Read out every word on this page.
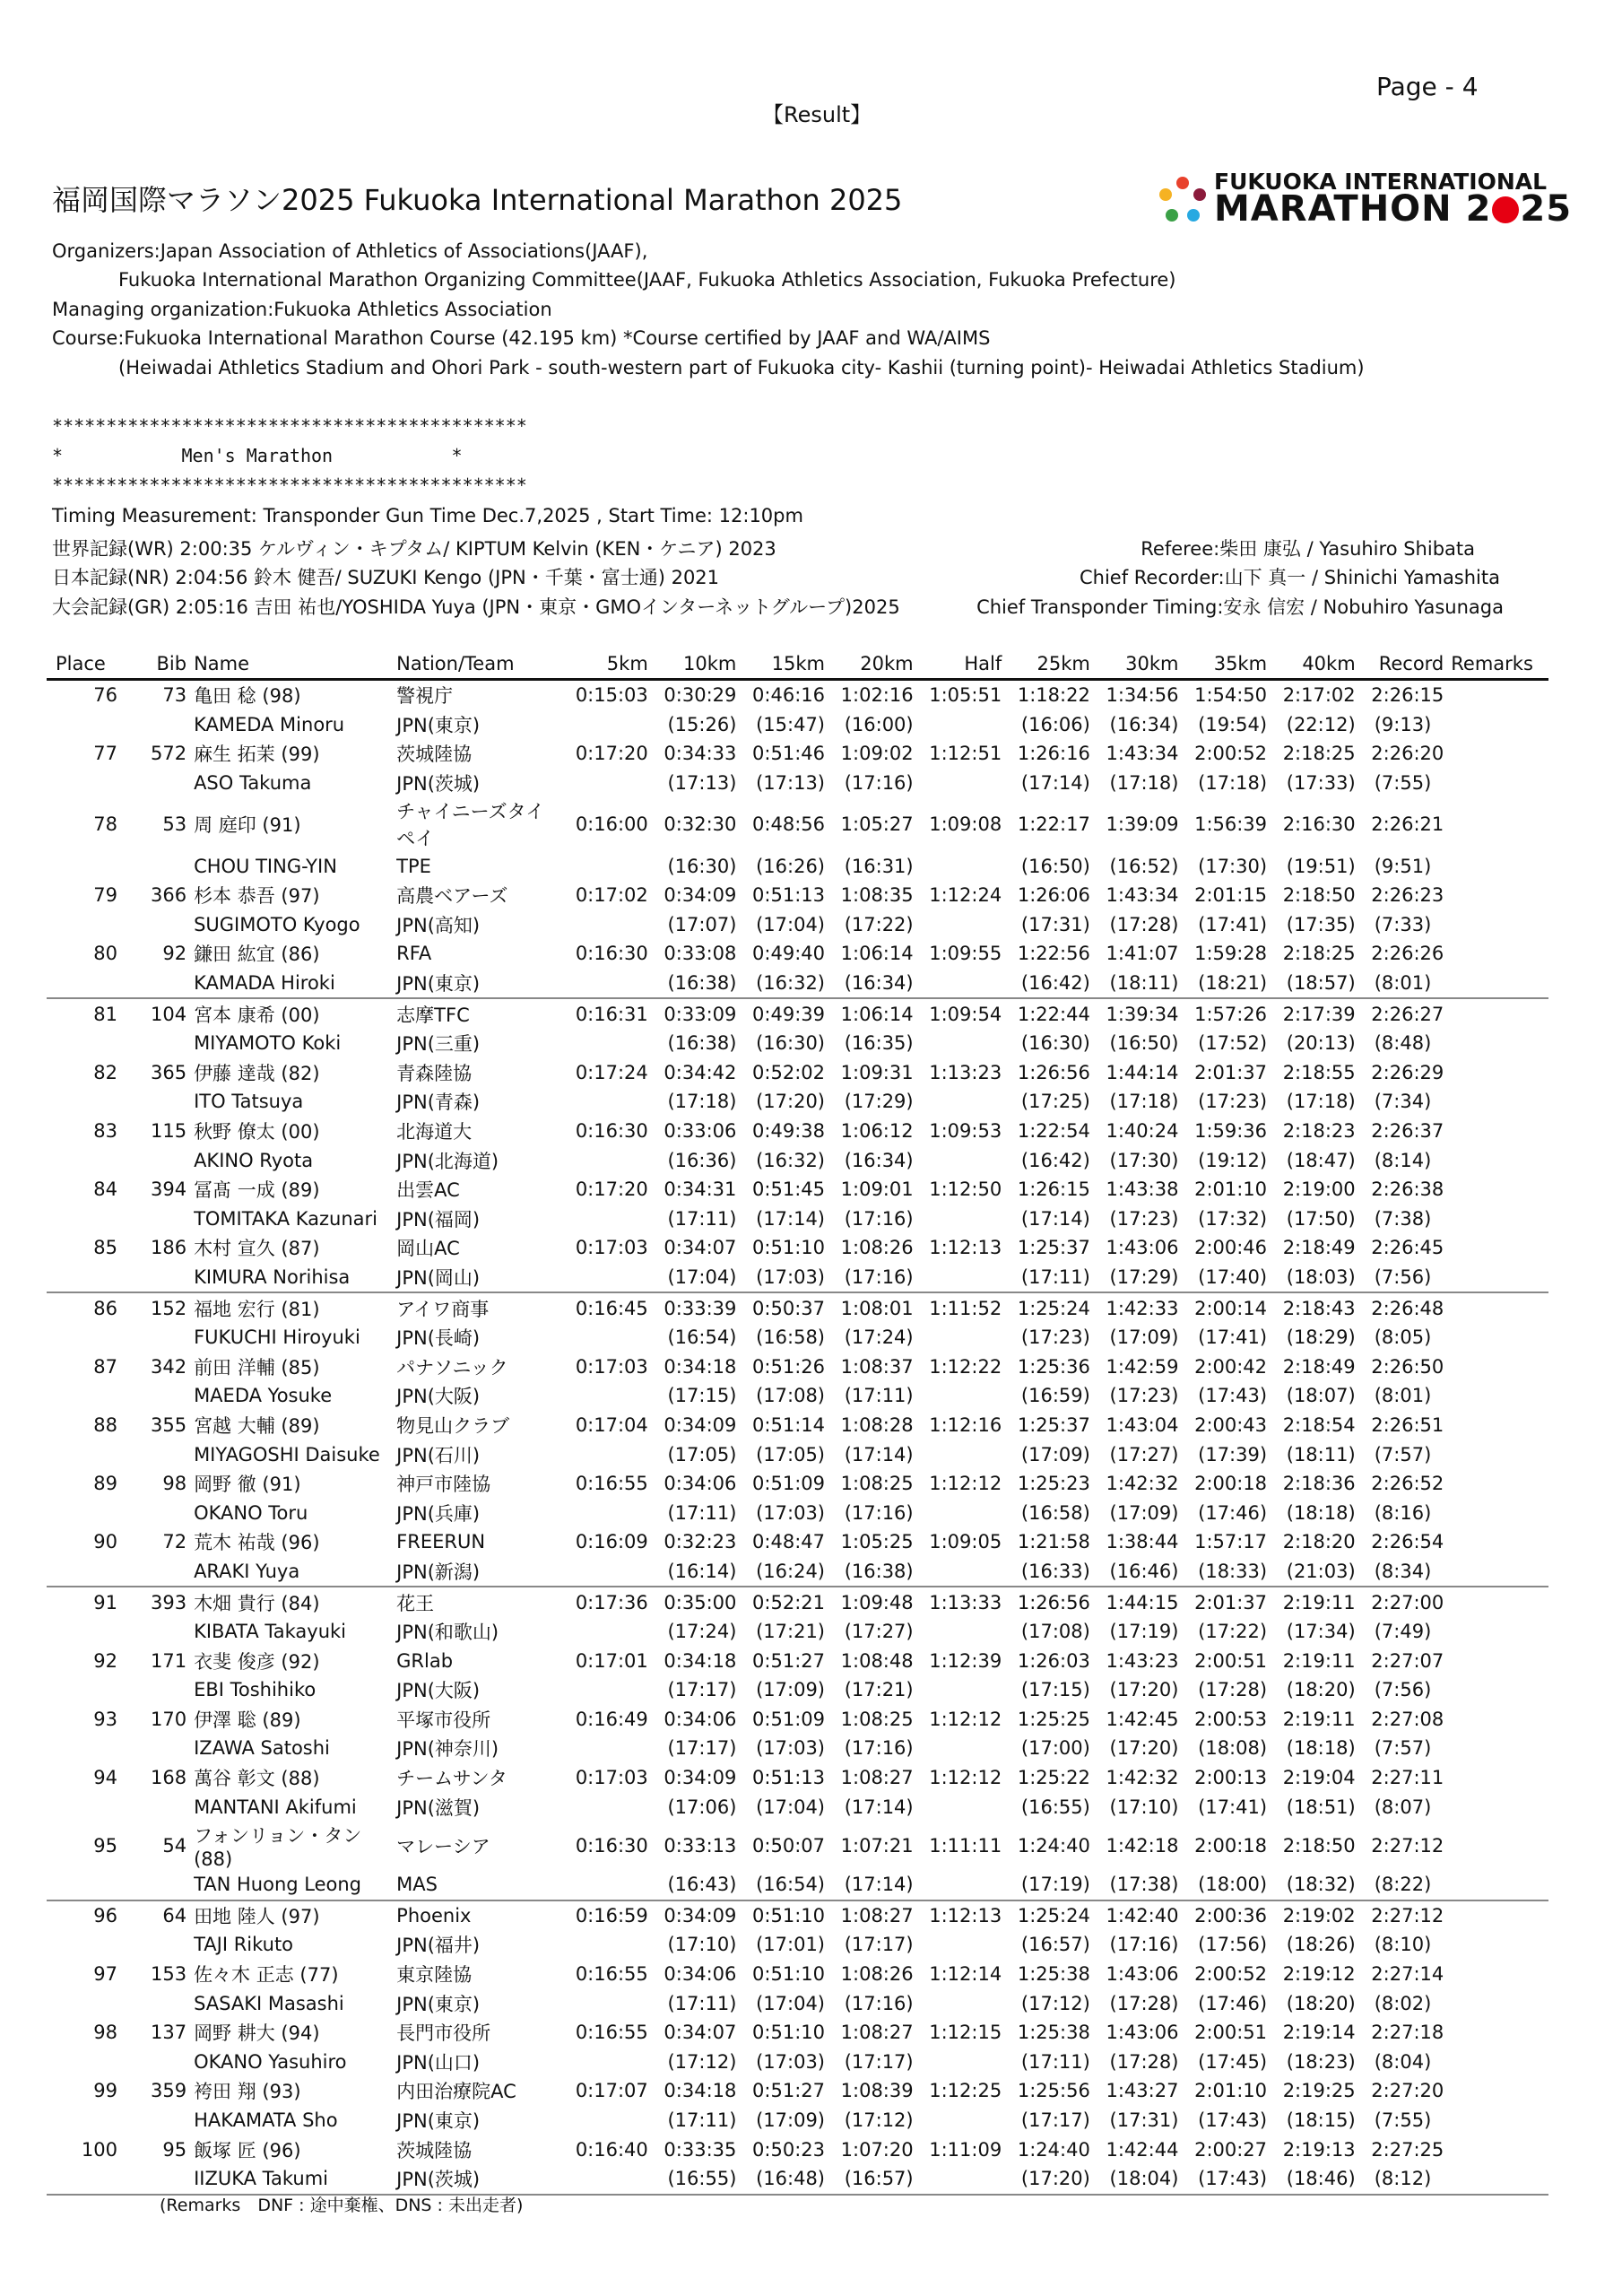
Page - 4
【Result】
福岡国際マラソン2025 Fukuoka International Marathon 2025
FUKUOKA INTERNATIONAL
MARATHON 2 25
Organizers:Japan Association of Athletics of Associations(JAAF),
Fukuoka International Marathon Organizing Committee(JAAF, Fukuoka Athletics Association, Fukuoka Prefecture)
Managing organization:Fukuoka Athletics Association
Course:Fukuoka International Marathon Course (42.195 km) *Course certified by JAAF and WA/AIMS
(Heiwadai Athletics Stadium and Ohori Park - south-western part of Fukuoka city- Kashii (turning point)- Heiwadai Athletics Stadium)
********************************************
*           Men's Marathon           *
********************************************
Timing Measurement: Transponder Gun Time Dec.7,2025 , Start Time: 12:10pm
世界記録(WR) 2:00:35 ケルヴィン・キプタム/ KIPTUM Kelvin (KEN・ケニア) 2023
日本記録(NR) 2:04:56 鈴木 健吾/ SUZUKI Kengo (JPN・千葉・富士通) 2021
大会記録(GR) 2:05:16 吉田 祐也/YOSHIDA Yuya (JPN・東京・GMOインターネットグループ)2025
Referee:柴田 康弘 / Yasuhiro Shibata
Chief Recorder:山下 真一 / Shinichi Yamashita
Chief Transponder Timing:安永 信宏 / Nobuhiro Yasunaga
Place	Bib	Name	Nation/Team	5km	10km	15km	20km	Half	25km	30km	35km	40km	Record	Remarks
76	73	亀田 稔 (98)	警視庁	0:15:03	0:30:29	0:46:16	1:02:16	1:05:51	1:18:22	1:34:56	1:54:50	2:17:02	2:26:15	
		KAMEDA Minoru	JPN(東京)		(15:26)	(15:47)	(16:00)		(16:06)	(16:34)	(19:54)	(22:12)	(9:13)	
77	572	麻生 拓茉 (99)	茨城陸協	0:17:20	0:34:33	0:51:46	1:09:02	1:12:51	1:26:16	1:43:34	2:00:52	2:18:25	2:26:20	
		ASO Takuma	JPN(茨城)		(17:13)	(17:13)	(17:16)		(17:14)	(17:18)	(17:18)	(17:33)	(7:55)	
78	53	周 庭印 (91)	チャイニーズタイペイ	0:16:00	0:32:30	0:48:56	1:05:27	1:09:08	1:22:17	1:39:09	1:56:39	2:16:30	2:26:21	
		CHOU TING-YIN	TPE		(16:30)	(16:26)	(16:31)		(16:50)	(16:52)	(17:30)	(19:51)	(9:51)	
79	366	杉本 恭吾 (97)	高農ベアーズ	0:17:02	0:34:09	0:51:13	1:08:35	1:12:24	1:26:06	1:43:34	2:01:15	2:18:50	2:26:23	
		SUGIMOTO Kyogo	JPN(高知)		(17:07)	(17:04)	(17:22)		(17:31)	(17:28)	(17:41)	(17:35)	(7:33)	
80	92	鎌田 紘宜 (86)	RFA	0:16:30	0:33:08	0:49:40	1:06:14	1:09:55	1:22:56	1:41:07	1:59:28	2:18:25	2:26:26	
		KAMADA Hiroki	JPN(東京)		(16:38)	(16:32)	(16:34)		(16:42)	(18:11)	(18:21)	(18:57)	(8:01)	
81	104	宮本 康希 (00)	志摩TFC	0:16:31	0:33:09	0:49:39	1:06:14	1:09:54	1:22:44	1:39:34	1:57:26	2:17:39	2:26:27	
		MIYAMOTO Koki	JPN(三重)		(16:38)	(16:30)	(16:35)		(16:30)	(16:50)	(17:52)	(20:13)	(8:48)	
82	365	伊藤 達哉 (82)	青森陸協	0:17:24	0:34:42	0:52:02	1:09:31	1:13:23	1:26:56	1:44:14	2:01:37	2:18:55	2:26:29	
		ITO Tatsuya	JPN(青森)		(17:18)	(17:20)	(17:29)		(17:25)	(17:18)	(17:23)	(17:18)	(7:34)	
83	115	秋野 僚太 (00)	北海道大	0:16:30	0:33:06	0:49:38	1:06:12	1:09:53	1:22:54	1:40:24	1:59:36	2:18:23	2:26:37	
		AKINO Ryota	JPN(北海道)		(16:36)	(16:32)	(16:34)		(16:42)	(17:30)	(19:12)	(18:47)	(8:14)	
84	394	冨髙 一成 (89)	出雲AC	0:17:20	0:34:31	0:51:45	1:09:01	1:12:50	1:26:15	1:43:38	2:01:10	2:19:00	2:26:38	
		TOMITAKA Kazunari	JPN(福岡)		(17:11)	(17:14)	(17:16)		(17:14)	(17:23)	(17:32)	(17:50)	(7:38)	
85	186	木村 宣久 (87)	岡山AC	0:17:03	0:34:07	0:51:10	1:08:26	1:12:13	1:25:37	1:43:06	2:00:46	2:18:49	2:26:45	
		KIMURA Norihisa	JPN(岡山)		(17:04)	(17:03)	(17:16)		(17:11)	(17:29)	(17:40)	(18:03)	(7:56)	
86	152	福地 宏行 (81)	アイワ商事	0:16:45	0:33:39	0:50:37	1:08:01	1:11:52	1:25:24	1:42:33	2:00:14	2:18:43	2:26:48	
		FUKUCHI Hiroyuki	JPN(長崎)		(16:54)	(16:58)	(17:24)		(17:23)	(17:09)	(17:41)	(18:29)	(8:05)	
87	342	前田 洋輔 (85)	パナソニック	0:17:03	0:34:18	0:51:26	1:08:37	1:12:22	1:25:36	1:42:59	2:00:42	2:18:49	2:26:50	
		MAEDA Yosuke	JPN(大阪)		(17:15)	(17:08)	(17:11)		(16:59)	(17:23)	(17:43)	(18:07)	(8:01)	
88	355	宮越 大輔 (89)	物見山クラブ	0:17:04	0:34:09	0:51:14	1:08:28	1:12:16	1:25:37	1:43:04	2:00:43	2:18:54	2:26:51	
		MIYAGOSHI Daisuke	JPN(石川)		(17:05)	(17:05)	(17:14)		(17:09)	(17:27)	(17:39)	(18:11)	(7:57)	
89	98	岡野 徹 (91)	神戸市陸協	0:16:55	0:34:06	0:51:09	1:08:25	1:12:12	1:25:23	1:42:32	2:00:18	2:18:36	2:26:52	
		OKANO Toru	JPN(兵庫)		(17:11)	(17:03)	(17:16)		(16:58)	(17:09)	(17:46)	(18:18)	(8:16)	
90	72	荒木 祐哉 (96)	FREERUN	0:16:09	0:32:23	0:48:47	1:05:25	1:09:05	1:21:58	1:38:44	1:57:17	2:18:20	2:26:54	
		ARAKI Yuya	JPN(新潟)		(16:14)	(16:24)	(16:38)		(16:33)	(16:46)	(18:33)	(21:03)	(8:34)	
91	393	木畑 貴行 (84)	花王	0:17:36	0:35:00	0:52:21	1:09:48	1:13:33	1:26:56	1:44:15	2:01:37	2:19:11	2:27:00	
		KIBATA Takayuki	JPN(和歌山)		(17:24)	(17:21)	(17:27)		(17:08)	(17:19)	(17:22)	(17:34)	(7:49)	
92	171	衣斐 俊彦 (92)	GRlab	0:17:01	0:34:18	0:51:27	1:08:48	1:12:39	1:26:03	1:43:23	2:00:51	2:19:11	2:27:07	
		EBI Toshihiko	JPN(大阪)		(17:17)	(17:09)	(17:21)		(17:15)	(17:20)	(17:28)	(18:20)	(7:56)	
93	170	伊澤 聡 (89)	平塚市役所	0:16:49	0:34:06	0:51:09	1:08:25	1:12:12	1:25:25	1:42:45	2:00:53	2:19:11	2:27:08	
		IZAWA Satoshi	JPN(神奈川)		(17:17)	(17:03)	(17:16)		(17:00)	(17:20)	(18:08)	(18:18)	(7:57)	
94	168	萬谷 彰文 (88)	チームサンタ	0:17:03	0:34:09	0:51:13	1:08:27	1:12:12	1:25:22	1:42:32	2:00:13	2:19:04	2:27:11	
		MANTANI Akifumi	JPN(滋賀)		(17:06)	(17:04)	(17:14)		(16:55)	(17:10)	(17:41)	(18:51)	(8:07)	
95	54	フォンリョン・タン (88)	マレーシア	0:16:30	0:33:13	0:50:07	1:07:21	1:11:11	1:24:40	1:42:18	2:00:18	2:18:50	2:27:12	
		TAN Huong Leong	MAS		(16:43)	(16:54)	(17:14)		(17:19)	(17:38)	(18:00)	(18:32)	(8:22)	
96	64	田地 陸人 (97)	Phoenix	0:16:59	0:34:09	0:51:10	1:08:27	1:12:13	1:25:24	1:42:40	2:00:36	2:19:02	2:27:12	
		TAJI Rikuto	JPN(福井)		(17:10)	(17:01)	(17:17)		(16:57)	(17:16)	(17:56)	(18:26)	(8:10)	
97	153	佐々木 正志 (77)	東京陸協	0:16:55	0:34:06	0:51:10	1:08:26	1:12:14	1:25:38	1:43:06	2:00:52	2:19:12	2:27:14	
		SASAKI Masashi	JPN(東京)		(17:11)	(17:04)	(17:16)		(17:12)	(17:28)	(17:46)	(18:20)	(8:02)	
98	137	岡野 耕大 (94)	長門市役所	0:16:55	0:34:07	0:51:10	1:08:27	1:12:15	1:25:38	1:43:06	2:00:51	2:19:14	2:27:18	
		OKANO Yasuhiro	JPN(山口)		(17:12)	(17:03)	(17:17)		(17:11)	(17:28)	(17:45)	(18:23)	(8:04)	
99	359	袴田 翔 (93)	内田治療院AC	0:17:07	0:34:18	0:51:27	1:08:39	1:12:25	1:25:56	1:43:27	2:01:10	2:19:25	2:27:20	
		HAKAMATA Sho	JPN(東京)		(17:11)	(17:09)	(17:12)		(17:17)	(17:31)	(17:43)	(18:15)	(7:55)	
100	95	飯塚 匠 (96)	茨城陸協	0:16:40	0:33:35	0:50:23	1:07:20	1:11:09	1:24:40	1:42:44	2:00:27	2:19:13	2:27:25	
		IIZUKA Takumi	JPN(茨城)		(16:55)	(16:48)	(16:57)		(17:20)	(18:04)	(17:43)	(18:46)	(8:12)	
(Remarks　DNF : 途中棄権、DNS : 未出走者)
